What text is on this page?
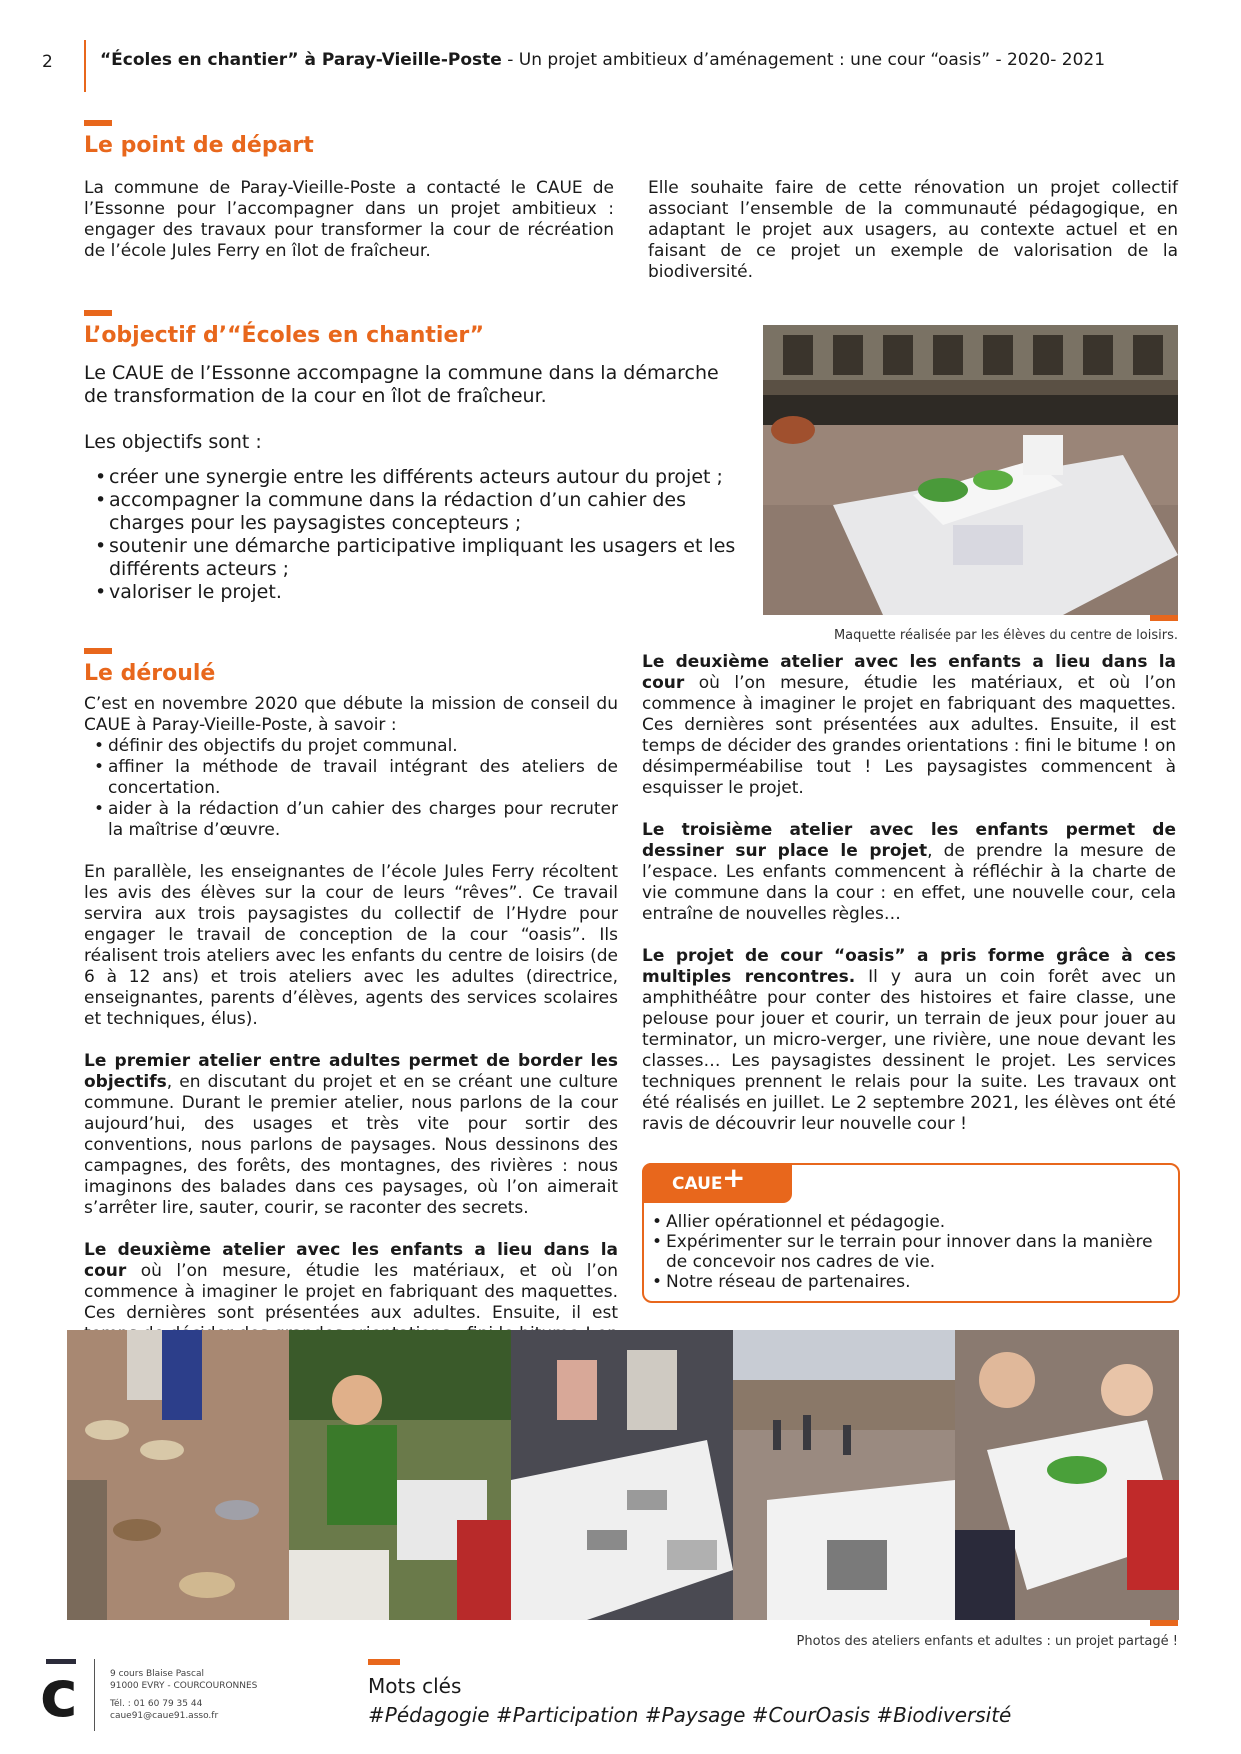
2	“Écoles en chantier” à Paray-Vieille-Poste - Un projet ambitieux d’aménagement : une cour “oasis” - 2020- 2021
Le point de départ
La commune de Paray-Vieille-Poste a contacté le CAUE de l’Essonne pour l’accompagner dans un projet ambitieux : engager des travaux pour transformer la cour de récréation de l’école Jules Ferry en îlot de fraîcheur.
Elle souhaite faire de cette rénovation un projet collectif associant l’ensemble de la communauté pédagogique, en adaptant le projet aux usagers, au contexte actuel et en faisant de ce projet un exemple de valorisation de la biodiversité.
L’objectif d’“Écoles en chantier”
Le CAUE de l’Essonne accompagne la commune dans la démarche de transformation de la cour en îlot de fraîcheur.
Les objectifs sont :
• créer une synergie entre les différents acteurs autour du projet ;
• accompagner la commune dans la rédaction d’un cahier des charges pour les paysagistes concepteurs ;
• soutenir une démarche participative impliquant les usagers et les différents acteurs ;
• valoriser le projet.
Maquette réalisée par les élèves du centre de loisirs.
Le déroulé
C’est en novembre 2020 que débute la mission de conseil du CAUE à Paray-Vieille-Poste, à savoir :
• définir des objectifs du projet communal.
• affiner la méthode de travail intégrant des ateliers de concertation.
• aider à la rédaction d’un cahier des charges pour recruter la maîtrise d’œuvre.
En parallèle, les enseignantes de l’école Jules Ferry récoltent les avis des élèves sur la cour de leurs “rêves”. Ce travail servira aux trois paysagistes du collectif de l’Hydre pour engager le travail de conception de la cour “oasis”. Ils réalisent trois ateliers avec les enfants du centre de loisirs (de 6 à 12 ans) et trois ateliers avec les adultes (directrice, enseignantes, parents d’élèves, agents des services scolaires et techniques, élus).
Le premier atelier entre adultes permet de border les objectifs, en discutant du projet et en se créant une culture commune. Durant le premier atelier, nous parlons de la cour aujourd’hui, des usages et très vite pour sortir des conventions, nous parlons de paysages. Nous dessinons des campagnes, des forêts, des montagnes, des rivières : nous imaginons des balades dans ces paysages, où l’on aimerait s’arrêter lire, sauter, courir, se raconter des secrets.
Le deuxième atelier avec les enfants a lieu dans la cour où l’on mesure, étudie les matériaux, et où l’on commence à imaginer le projet en fabriquant des maquettes. Ces dernières sont présentées aux adultes. Ensuite, il est
Le deuxième atelier avec les enfants a lieu dans la cour où l’on mesure, étudie les matériaux, et où l’on commence à imaginer le projet en fabriquant des maquettes. Ces dernières sont présentées aux adultes. Ensuite, il est temps de décider des grandes orientations : fini le bitume ! on désimperméabilise tout ! Les paysagistes commencent à esquisser le projet.
Le troisième atelier avec les enfants permet de dessiner sur place le projet, de prendre la mesure de l’espace. Les enfants commencent à réfléchir à la charte de vie commune dans la cour : en effet, une nouvelle cour, cela entraîne de nouvelles règles…
Le projet de cour “oasis” a pris forme grâce à ces multiples rencontres. Il y aura un coin forêt avec un amphithéâtre pour conter des histoires et faire classe, une pelouse pour jouer et courir, un terrain de jeux pour jouer au terminator, un micro-verger, une rivière, une noue devant les classes… Les paysagistes dessinent le projet. Les services techniques prennent le relais pour la suite. Les travaux ont été réalisés en juillet. Le 2 septembre 2021, les élèves ont été ravis de découvrir leur nouvelle cour !
CAUE +
• Allier opérationnel et pédagogie.
• Expérimenter sur le terrain pour innover dans la manière de concevoir nos cadres de vie.
• Notre réseau de partenaires.
Photos des ateliers enfants et adultes : un projet partagé !
c	9 cours Blaise Pascal
91000 EVRY - COURCOURONNES
Tél. : 01 60 79 35 44
caue91@caue91.asso.fr
Mots clés
#Pédagogie #Participation #Paysage #CourOasis #Biodiversité
